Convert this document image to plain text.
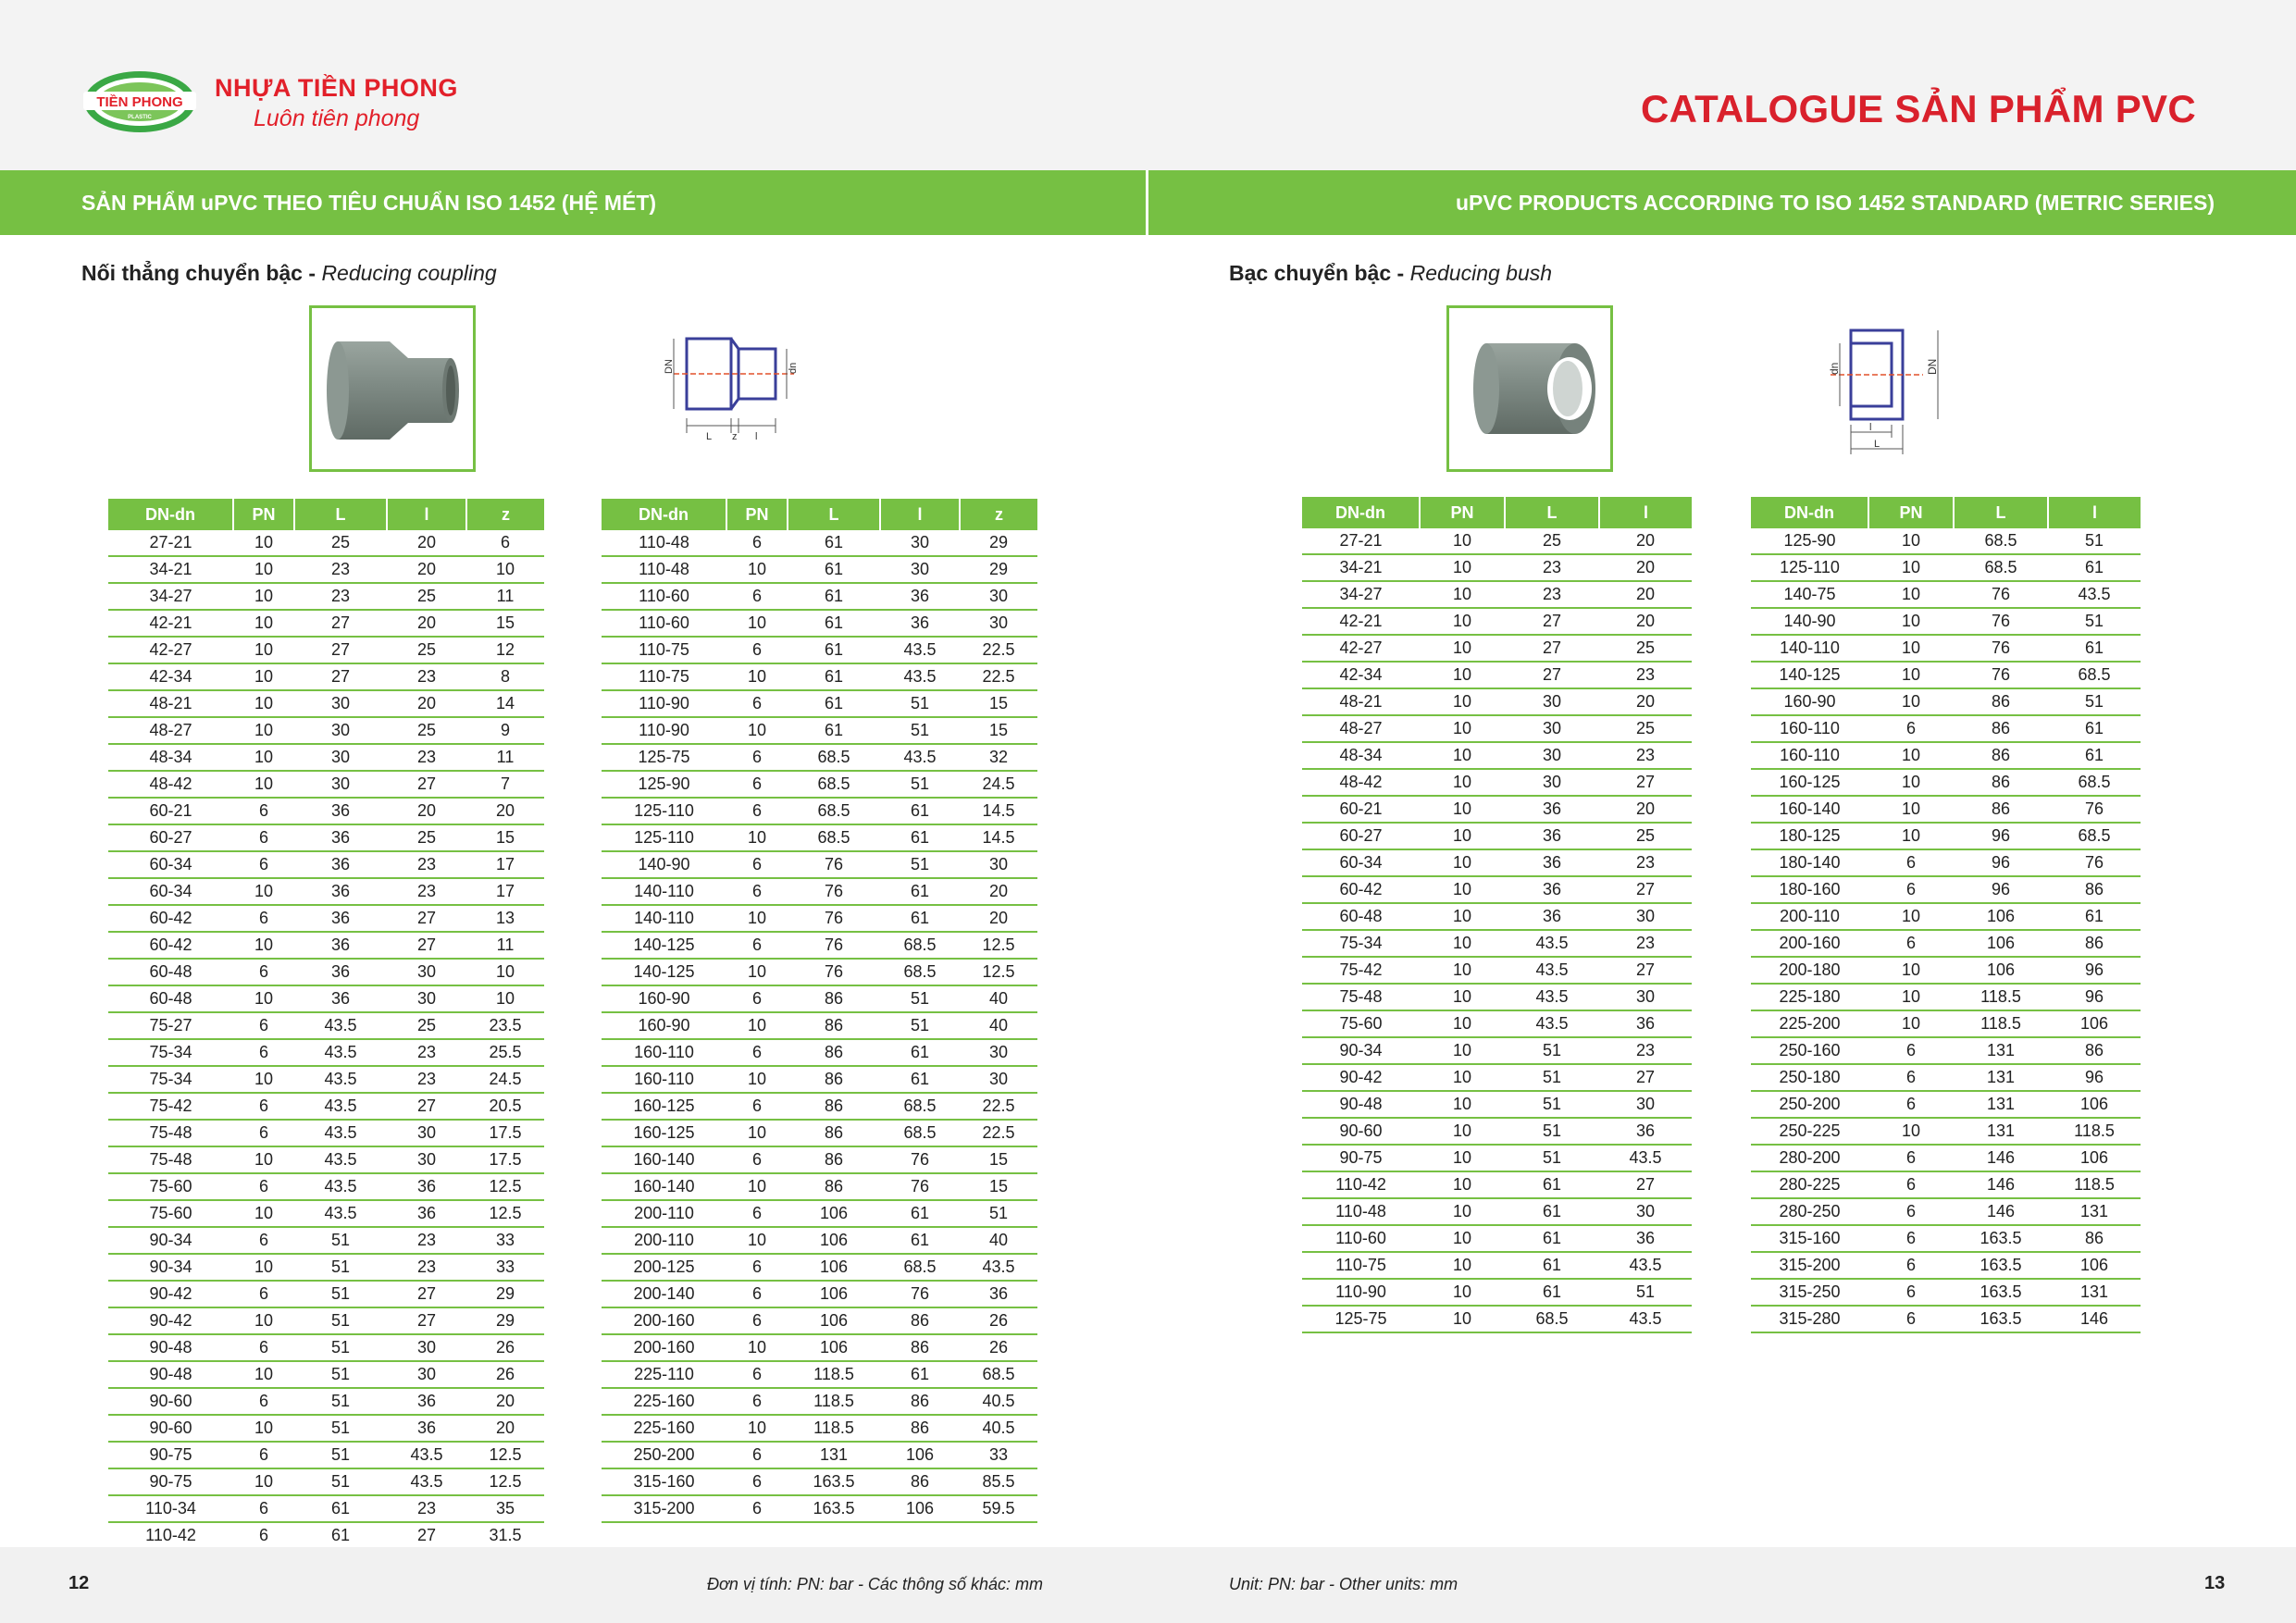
TIỀN PHONG
PLASTIC
NHỰA TIỀN PHONG
Luôn tiên phong	CATALOGUE SẢN PHẨM PVC
SẢN PHẨM uPVC THEO TIÊU CHUẨN ISO 1452 (HỆ MÉT)	uPVC PRODUCTS ACCORDING TO ISO 1452 STANDARD (METRIC SERIES)
Nối thẳng chuyển bậc - Reducing coupling
DN	dn
L z l
DN-dn	PN	L	l	z
27-21	10	25	20	6
34-21	10	23	20	10
34-27	10	23	25	11
42-21	10	27	20	15
42-27	10	27	25	12
42-34	10	27	23	8
48-21	10	30	20	14
48-27	10	30	25	9
48-34	10	30	23	11
48-42	10	30	27	7
60-21	6	36	20	20
60-27	6	36	25	15
60-34	6	36	23	17
60-34	10	36	23	17
60-42	6	36	27	13
60-42	10	36	27	11
60-48	6	36	30	10
60-48	10	36	30	10
75-27	6	43.5	25	23.5
75-34	6	43.5	23	25.5
75-34	10	43.5	23	24.5
75-42	6	43.5	27	20.5
75-48	6	43.5	30	17.5
75-48	10	43.5	30	17.5
75-60	6	43.5	36	12.5
75-60	10	43.5	36	12.5
90-34	6	51	23	33
90-34	10	51	23	33
90-42	6	51	27	29
90-42	10	51	27	29
90-48	6	51	30	26
90-48	10	51	30	26
90-60	6	51	36	20
90-60	10	51	36	20
90-75	6	51	43.5	12.5
90-75	10	51	43.5	12.5
110-34	6	61	23	35
110-42	6	61	27	31.5
DN-dn	PN	L	l	z
110-48	6	61	30	29
110-48	10	61	30	29
110-60	6	61	36	30
110-60	10	61	36	30
110-75	6	61	43.5	22.5
110-75	10	61	43.5	22.5
110-90	6	61	51	15
110-90	10	61	51	15
125-75	6	68.5	43.5	32
125-90	6	68.5	51	24.5
125-110	6	68.5	61	14.5
125-110	10	68.5	61	14.5
140-90	6	76	51	30
140-110	6	76	61	20
140-110	10	76	61	20
140-125	6	76	68.5	12.5
140-125	10	76	68.5	12.5
160-90	6	86	51	40
160-90	10	86	51	40
160-110	6	86	61	30
160-110	10	86	61	30
160-125	6	86	68.5	22.5
160-125	10	86	68.5	22.5
160-140	6	86	76	15
160-140	10	86	76	15
200-110	6	106	61	51
200-110	10	106	61	40
200-125	6	106	68.5	43.5
200-140	6	106	76	36
200-160	6	106	86	26
200-160	10	106	86	26
225-110	6	118.5	61	68.5
225-160	6	118.5	86	40.5
225-160	10	118.5	86	40.5
250-200	6	131	106	33
315-160	6	163.5	86	85.5
315-200	6	163.5	106	59.5
Bạc chuyển bậc - Reducing bush
dn	DN
l
L
DN-dn	PN	L	l
27-21	10	25	20
34-21	10	23	20
34-27	10	23	20
42-21	10	27	20
42-27	10	27	25
42-34	10	27	23
48-21	10	30	20
48-27	10	30	25
48-34	10	30	23
48-42	10	30	27
60-21	10	36	20
60-27	10	36	25
60-34	10	36	23
60-42	10	36	27
60-48	10	36	30
75-34	10	43.5	23
75-42	10	43.5	27
75-48	10	43.5	30
75-60	10	43.5	36
90-34	10	51	23
90-42	10	51	27
90-48	10	51	30
90-60	10	51	36
90-75	10	51	43.5
110-42	10	61	27
110-48	10	61	30
110-60	10	61	36
110-75	10	61	43.5
110-90	10	61	51
125-75	10	68.5	43.5
DN-dn	PN	L	l
125-90	10	68.5	51
125-110	10	68.5	61
140-75	10	76	43.5
140-90	10	76	51
140-110	10	76	61
140-125	10	76	68.5
160-90	10	86	51
160-110	6	86	61
160-110	10	86	61
160-125	10	86	68.5
160-140	10	86	76
180-125	10	96	68.5
180-140	6	96	76
180-160	6	96	86
200-110	10	106	61
200-160	6	106	86
200-180	10	106	96
225-180	10	118.5	96
225-200	10	118.5	106
250-160	6	131	86
250-180	6	131	96
250-200	6	131	106
250-225	10	131	118.5
280-200	6	146	106
280-225	6	146	118.5
280-250	6	146	131
315-160	6	163.5	86
315-200	6	163.5	106
315-250	6	163.5	131
315-280	6	163.5	146
12	Đơn vị tính: PN: bar - Các thông số khác: mm	Unit: PN: bar - Other units: mm	13
